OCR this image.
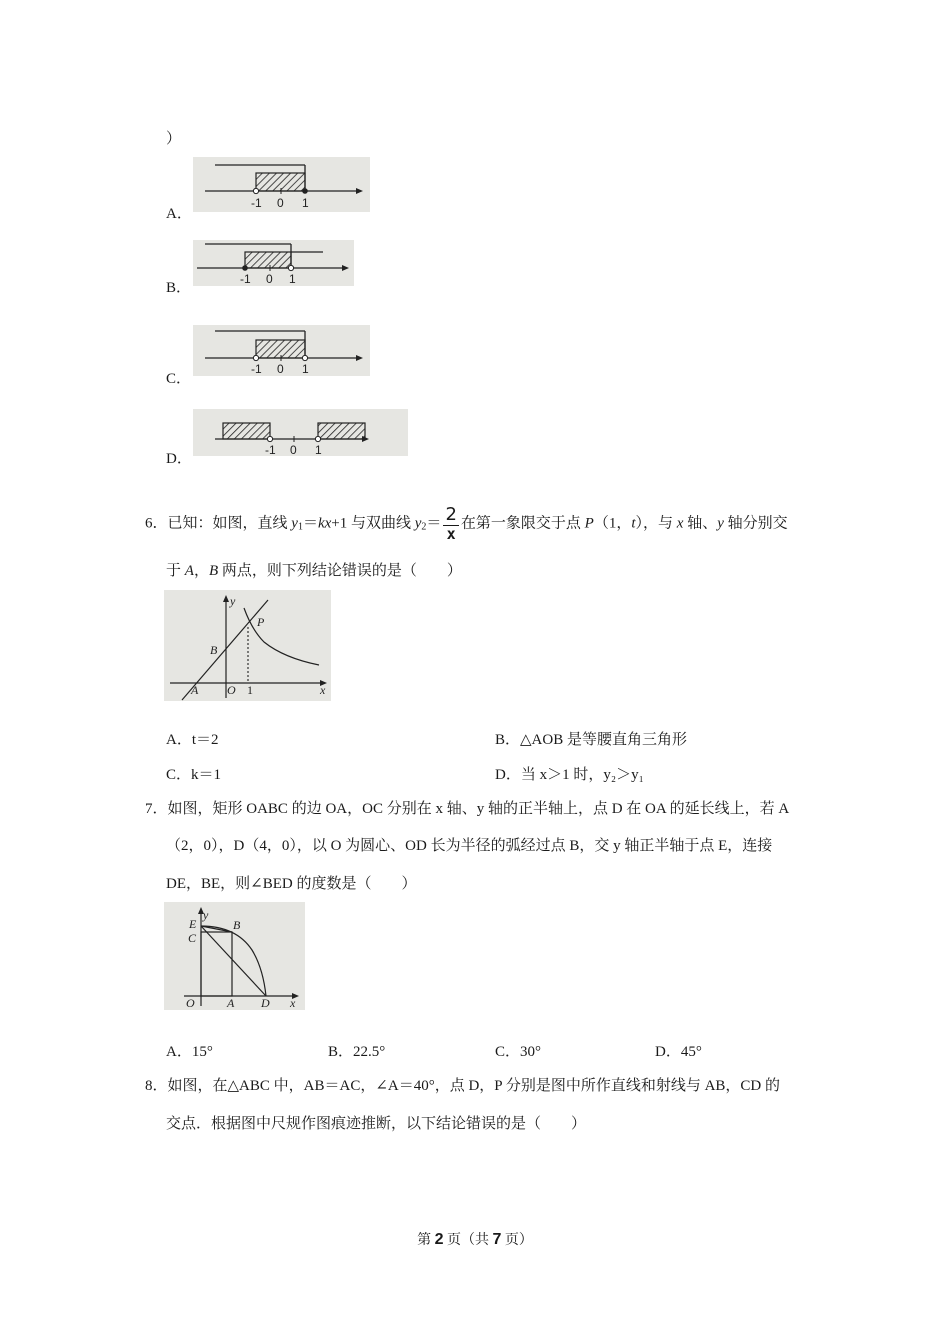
）
A．
-1 0 1
B．
-1 0 1
C．
-1 0 1
D．
-1 0 1
6．已知：如图，直线 $y_1=kx+1$ 与双曲线 $y_2= \frac{2}{x}$ 在第一象限交于点 P（1，t），与 x 轴、y 轴分别交
于 A，B 两点，则下列结论错误的是（　　）
y
x
P
B
A O 1
A．t＝2	B．△AOB 是等腰直角三角形
C．k＝1	D．当 x＞1 时，y₂＞y₁
7．如图，矩形 OABC 的边 OA，OC 分别在 x 轴、y 轴的正半轴上，点 D 在 OA 的延长线上，若 A
（2，0），D（4，0），以 O 为圆心、OD 长为半径的弧经过点 B，交 y 轴正半轴于点 E，连接
DE，BE，则∠BED 的度数是（　　）
E
y
B
C
O	A D x
A．15°	B．22.5°	C．30°	D．45°
8．如图，在△ABC 中，AB＝AC，∠A＝40°，点 D，P 分别是图中所作直线和射线与 AB，CD 的
交点．根据图中尺规作图痕迹推断，以下结论错误的是（　　）
第 2 页（共 7 页）
